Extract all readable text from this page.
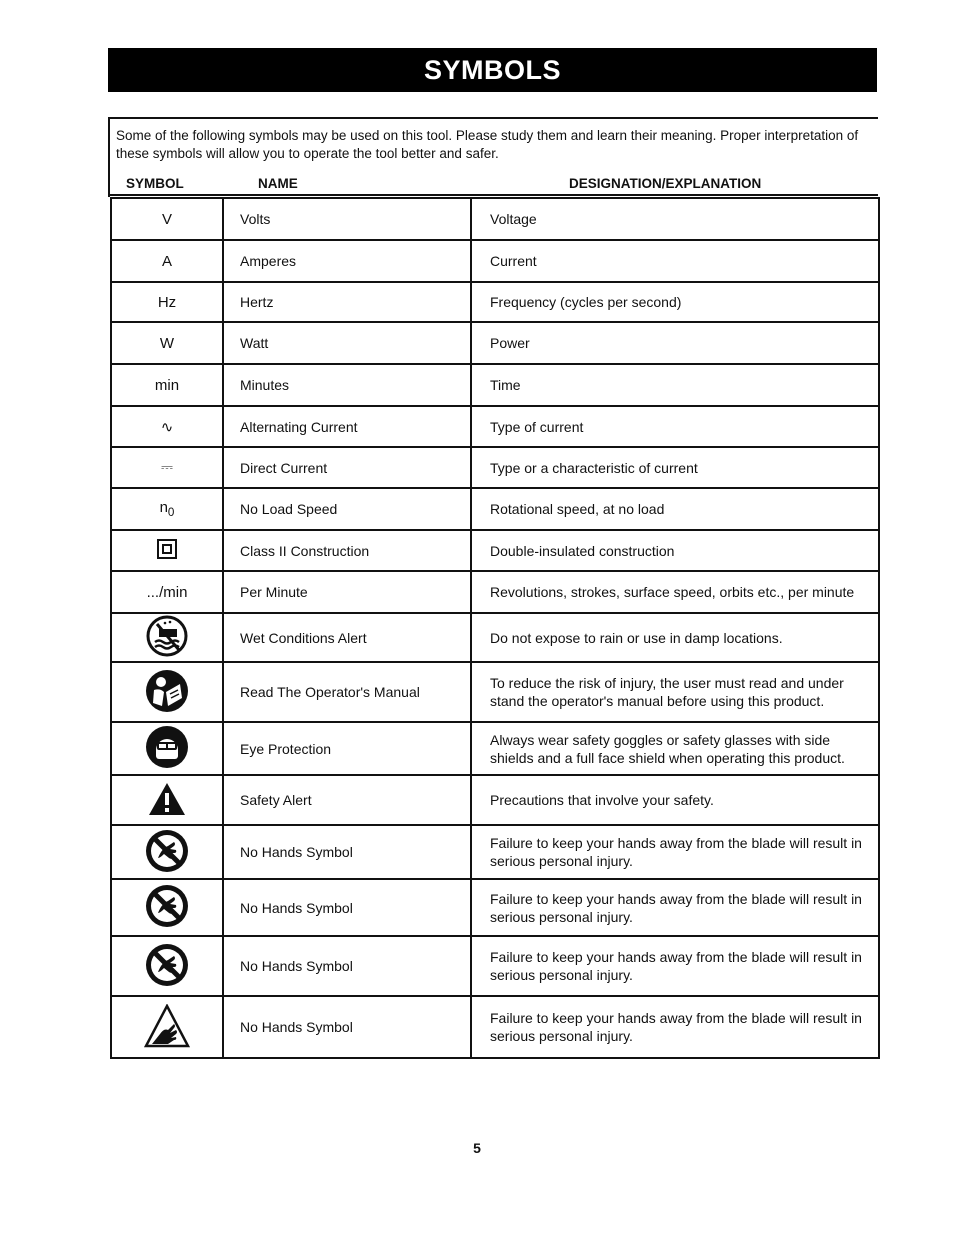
SYMBOLS
Some of the following symbols may be used on this tool. Please study them and learn their meaning. Proper interpretation of these symbols will allow you to operate the tool better and safer.
SYMBOL	NAME	DESIGNATION/EXPLANATION
V	Volts	Voltage
A	Amperes	Current
Hz	Hertz	Frequency (cycles per second)
W	Watt	Power
min	Minutes	Time
∿	Alternating Current	Type of current
⎓	Direct Current	Type or a characteristic of current
$n_0$	No Load Speed	Rotational speed, at no load
	Class II Construction	Double-insulated construction
.../min	Per Minute	Revolutions, strokes, surface speed, orbits etc., per minute
	Wet Conditions Alert	Do not expose to rain or use in damp locations.
	Read The Operator's Manual	To reduce the risk of injury, the user must read and under stand the operator's manual before using this product.
	Eye Protection	Always wear safety goggles or safety glasses with side shields and a full face shield when operating this product.
	Safety Alert	Precautions that involve your safety.
	No Hands Symbol	Failure to keep your hands away from the blade will result in serious personal injury.
	No Hands Symbol	Failure to keep your hands away from the blade will result in serious personal injury.
	No Hands Symbol	Failure to keep your hands away from the blade will result in serious personal injury.
	No Hands Symbol	Failure to keep your hands away from the blade will result in serious personal injury.
5
